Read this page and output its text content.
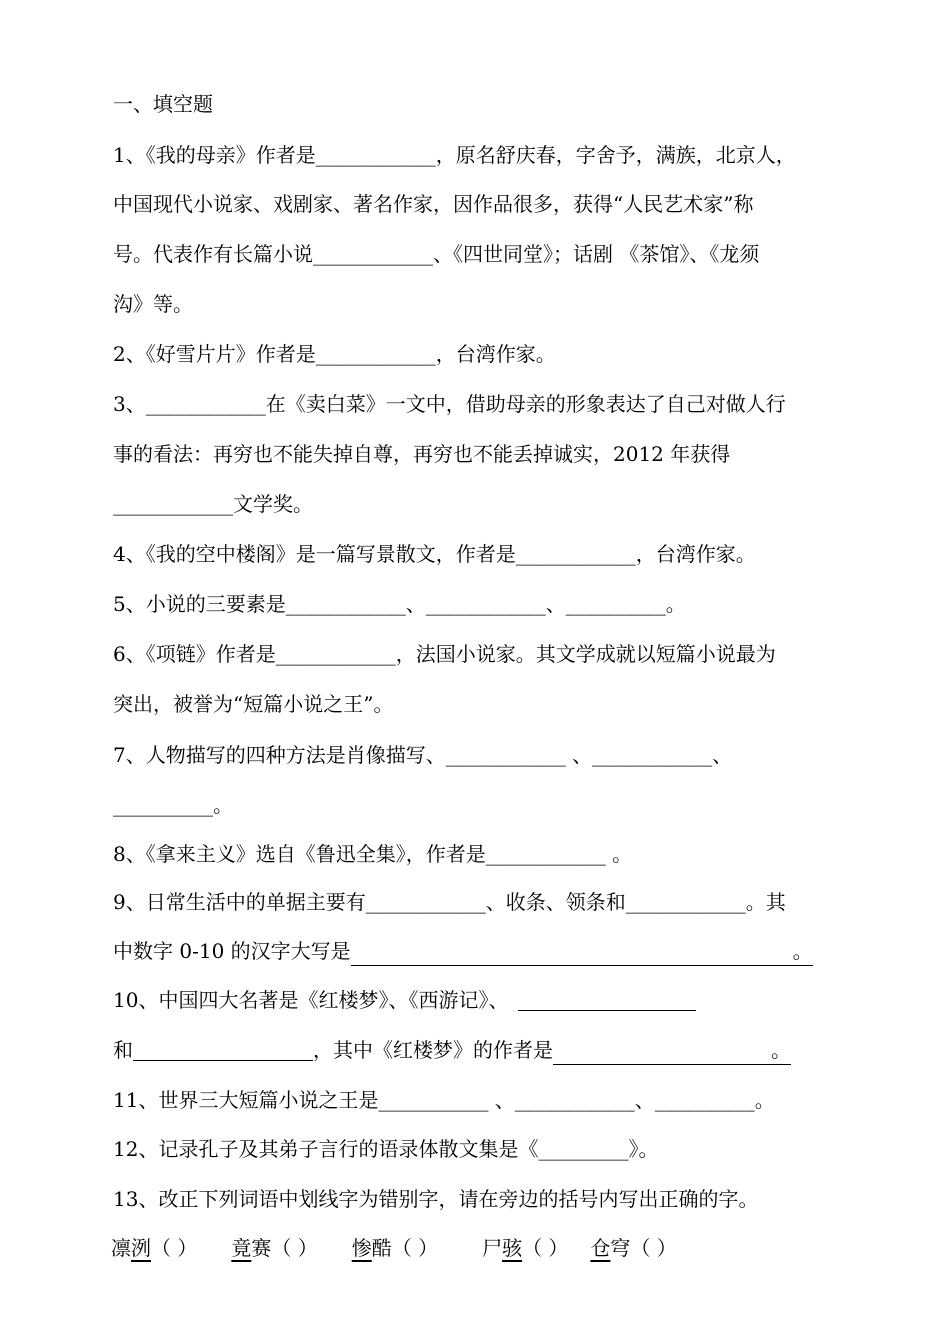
一、填空题
1、《我的母亲》作者是____________，原名舒庆春，字舍予，满族，北京人，
中国现代小说家、戏剧家、著名作家，因作品很多，获得“人民艺术家”称
号。代表作有长篇小说____________、《四世同堂》；话剧 《茶馆》、《龙须
沟》等。
2、《好雪片片》作者是____________，台湾作家。
3、____________在《卖白菜》一文中，借助母亲的形象表达了自己对做人行
事的看法：再穷也不能失掉自尊，再穷也不能丢掉诚实，2012 年获得
____________文学奖。
4、《我的空中楼阁》是一篇写景散文，作者是____________，台湾作家。
5、小说的三要素是____________、____________、__________。
6、《项链》作者是____________，法国小说家。其文学成就以短篇小说最为
突出，被誉为“短篇小说之王”。
7、人物描写的四种方法是肖像描写、____________ 、____________、
__________。
8、《拿来主义》选自《鲁迅全集》，作者是____________ 。
9、日常生活中的单据主要有____________、收条、领条和____________。其
中数字 0-10 的汉字大写是	。
10、中国四大名著是《红楼梦》、《西游记》、
和	，其中《红楼梦》的作者是	。
11、世界三大短篇小说之王是___________ 、____________、__________。
12、记录孔子及其弟子言行的语录体散文集是《_________》。
13、改正下列词语中划线字为错别字，请在旁边的括号内写出正确的字。
凛洌（ ） 竟赛（ ） 惨酷（ ） 尸骇（ ） 仓穹（ ）
